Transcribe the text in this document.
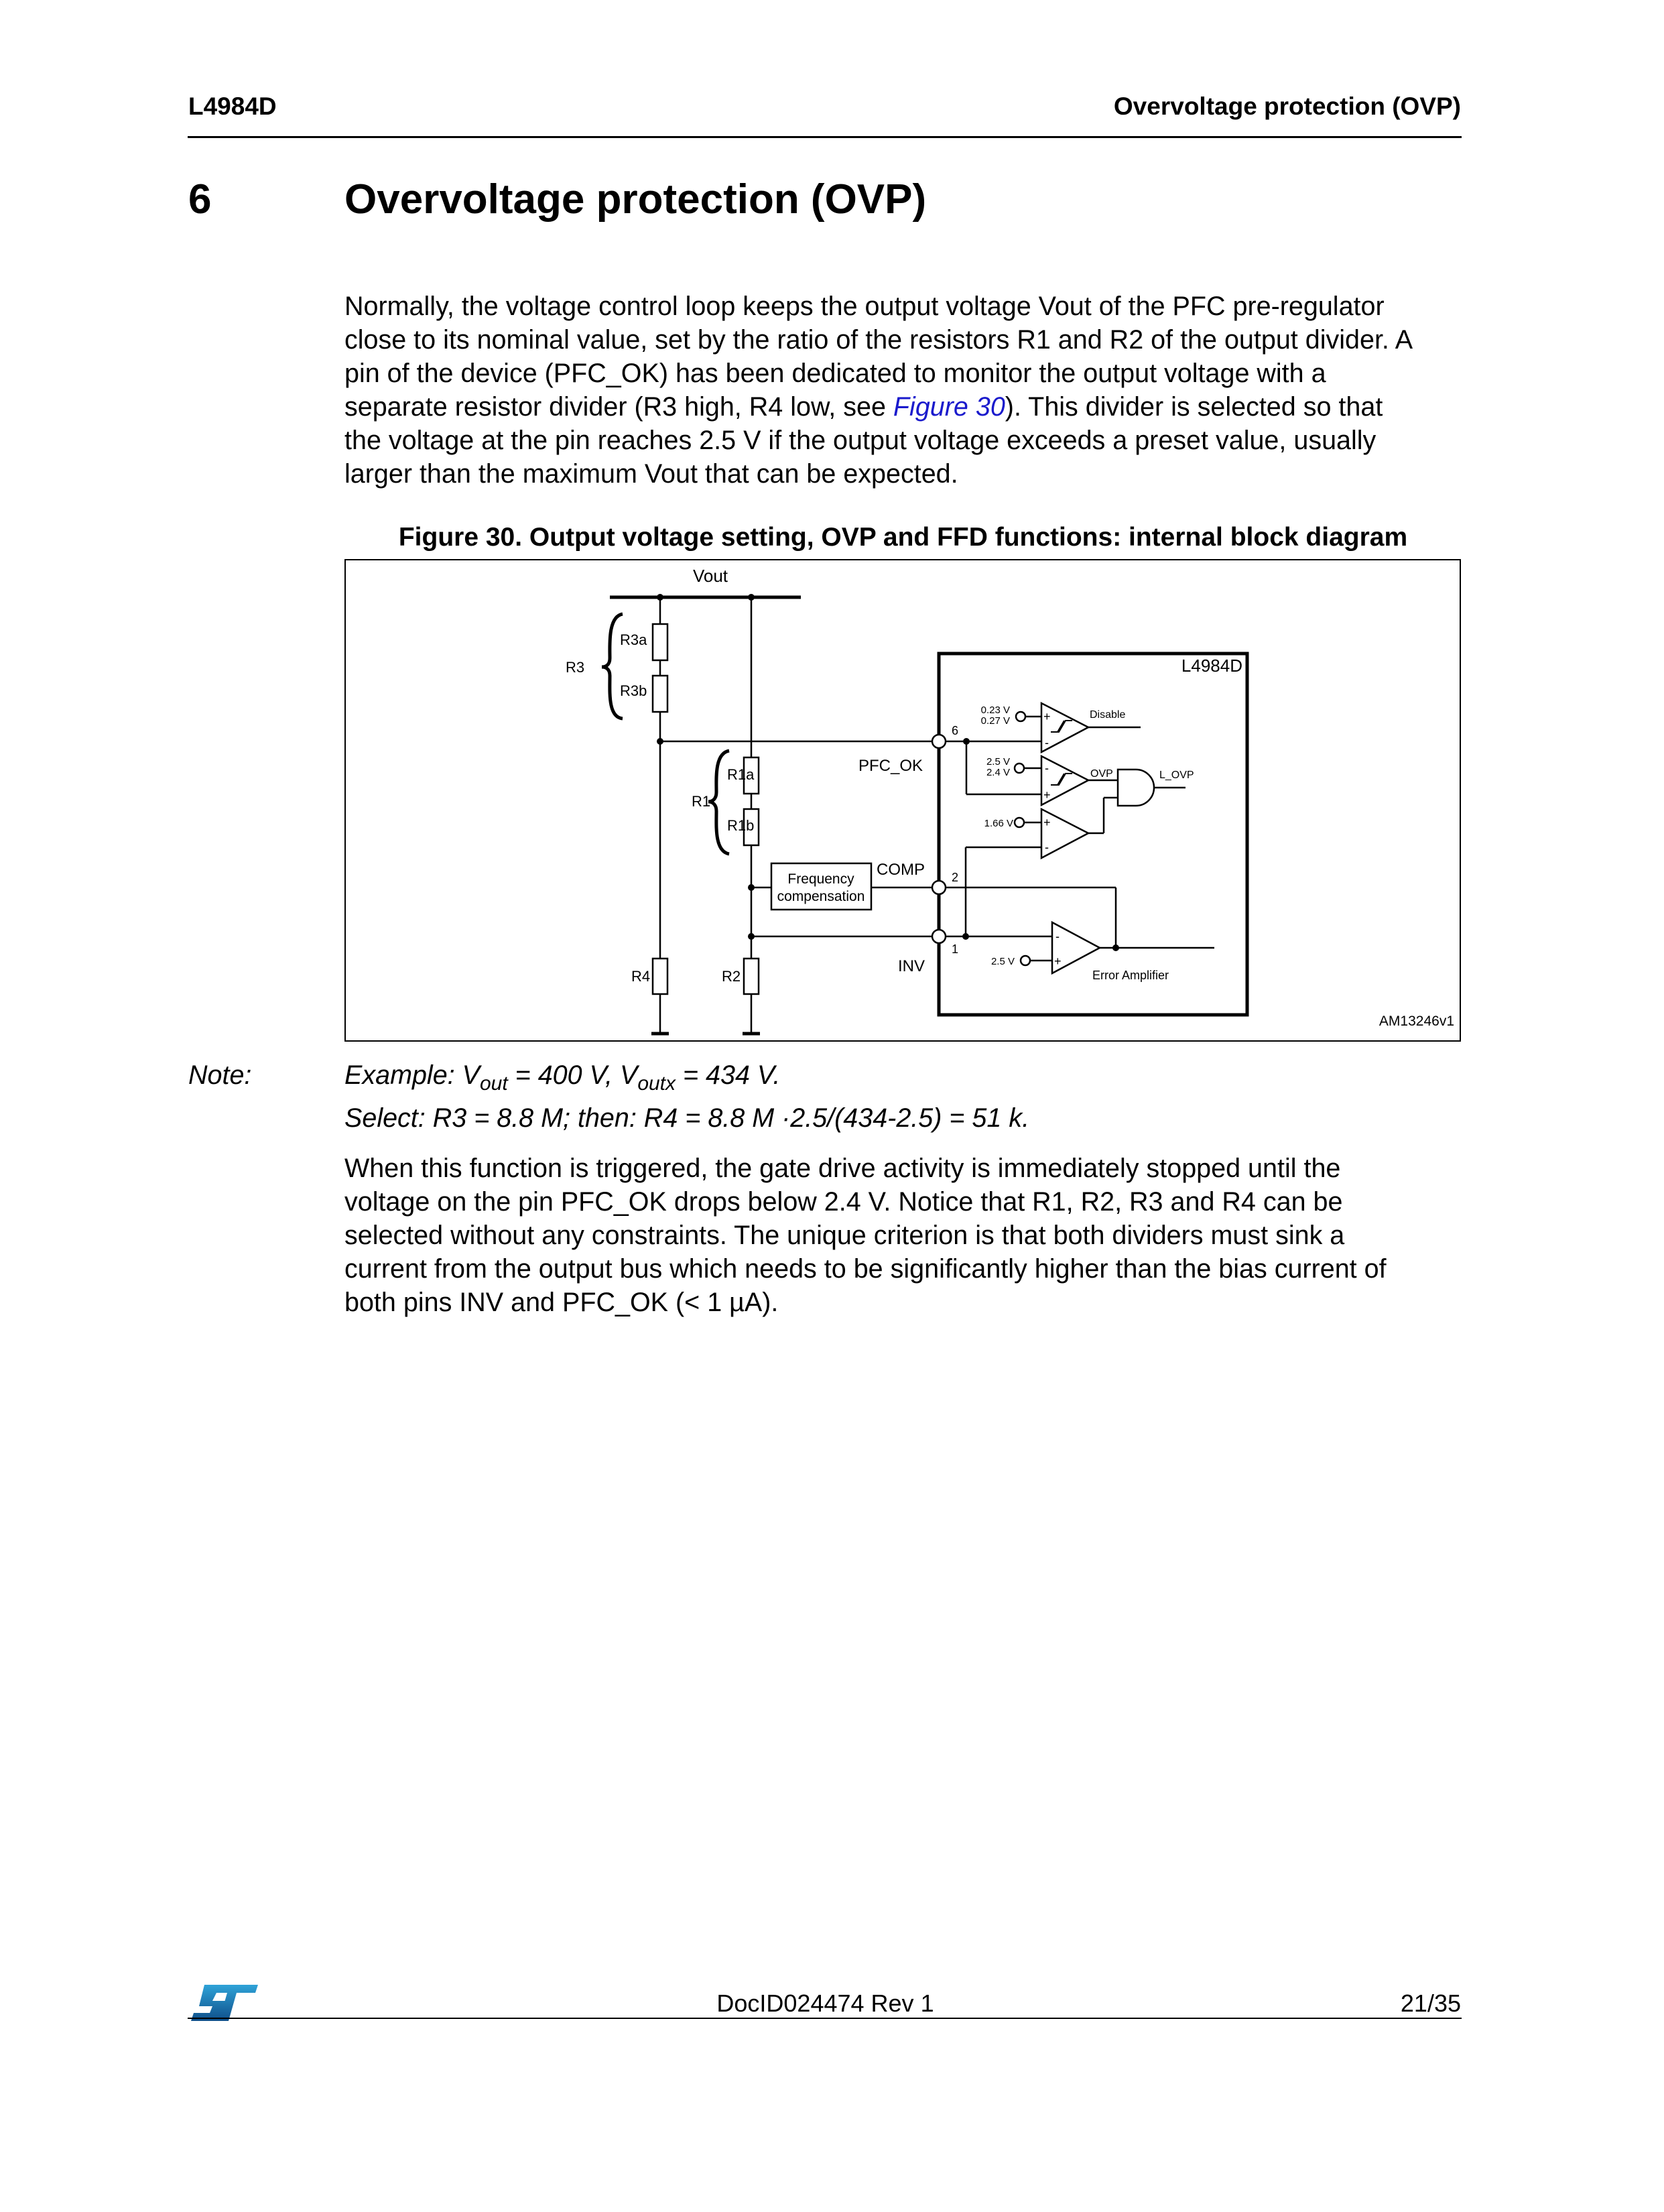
L4984D	Overvoltage protection (OVP)
6	Overvoltage protection (OVP)
Normally, the voltage control loop keeps the output voltage Vout of the PFC pre-regulator
close to its nominal value, set by the ratio of the resistors R1 and R2 of the output divider. A
pin of the device (PFC_OK) has been dedicated to monitor the output voltage with a
separate resistor divider (R3 high, R4 low, see Figure 30). This divider is selected so that
the voltage at the pin reaches 2.5 V if the output voltage exceeds a preset value, usually
larger than the maximum Vout that can be expected.
Figure 30. Output voltage setting, OVP and FFD functions: internal block diagram
Vout
R3
R3a
R3b
R1
R1a
R1b
R4	R2
L4984D
PFC_OK
COMP
INV
6
2
1
Frequency
compensation
0.23 V
0.27 V
2.5 V
2.4 V
1.66 V
2.5 V
Disable
OVP	L_OVP
Error Amplifier
+
-
-
+
+
-
-
+
AM13246v1
Note:	Example: $V_{out} = 400$ V, $V_{outx} = 434$ V.
Select: R3 = 8.8 M; then: R4 = 8.8 M ·2.5/(434-2.5) = 51 k.
When this function is triggered, the gate drive activity is immediately stopped until the
voltage on the pin PFC_OK drops below 2.4 V. Notice that R1, R2, R3 and R4 can be
selected without any constraints. The unique criterion is that both dividers must sink a
current from the output bus which needs to be significantly higher than the bias current of
both pins INV and PFC_OK (< 1 µA).
DocID024474 Rev 1	21/35
